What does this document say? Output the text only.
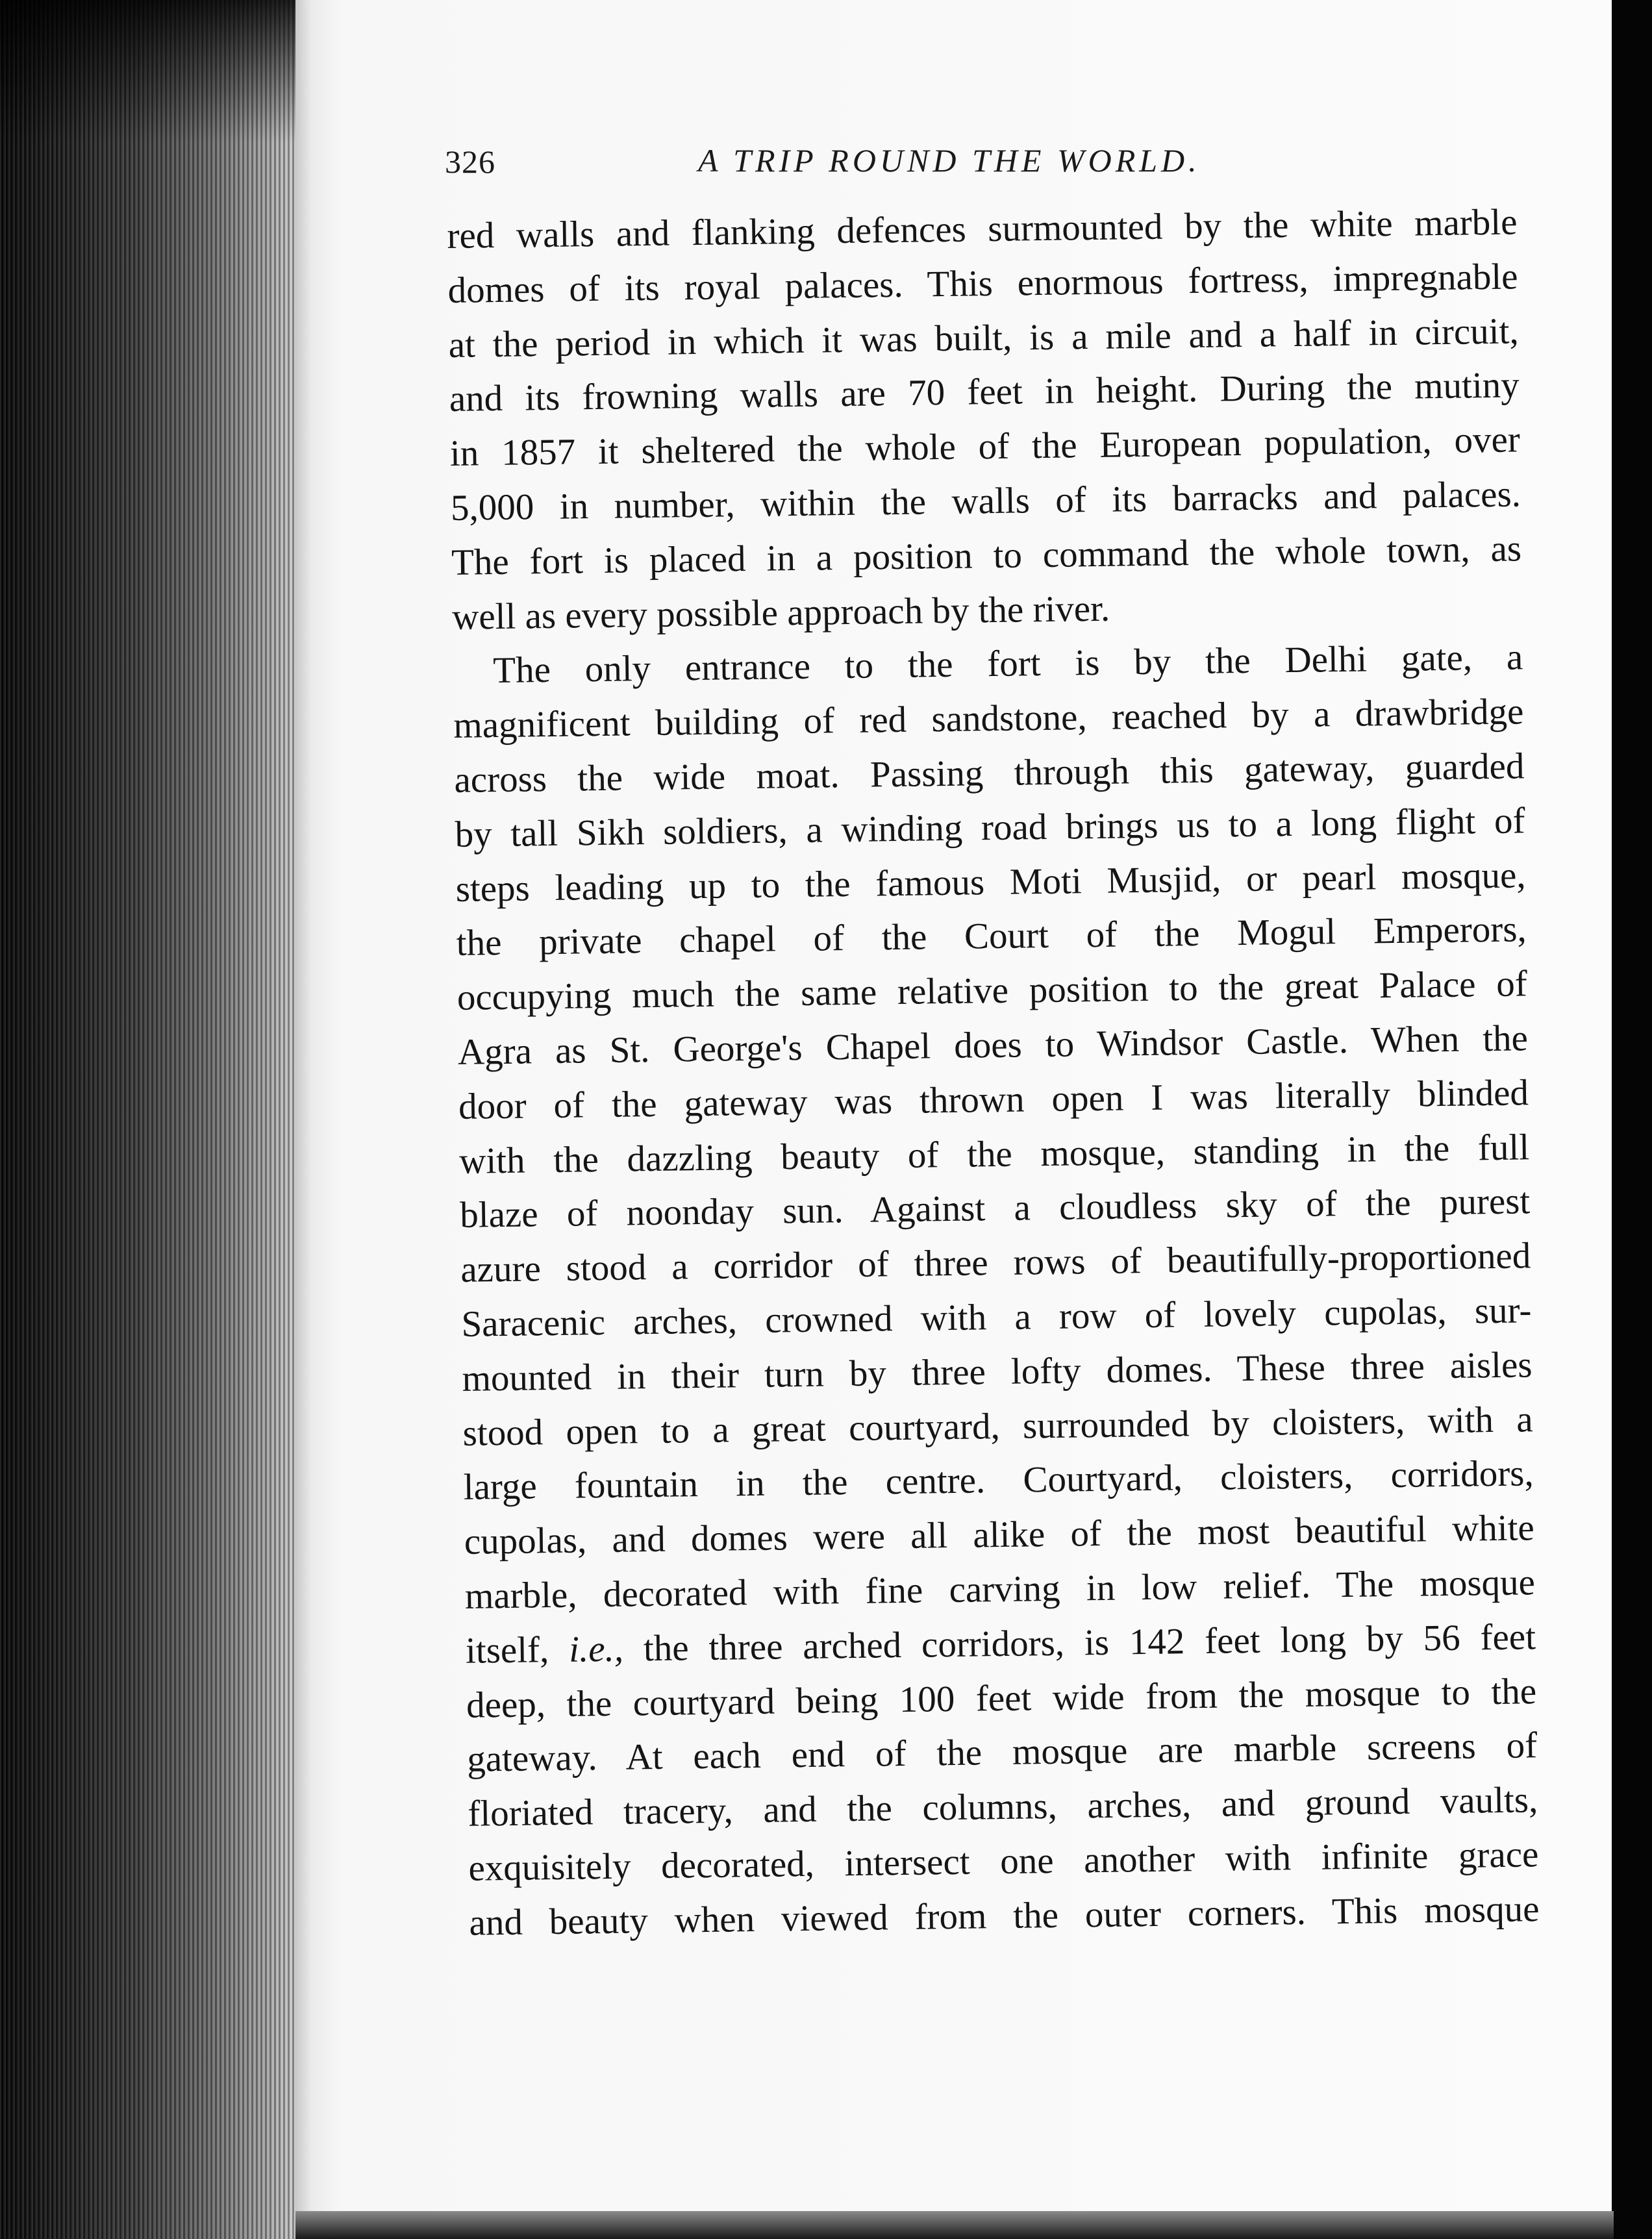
326	A TRIP ROUND THE WORLD.
red walls and flanking defences surmounted by the white marble
domes of its royal palaces. This enormous fortress, impregnable
at the period in which it was built, is a mile and a half in circuit,
and its frowning walls are 70 feet in height. During the mutiny
in 1857 it sheltered the whole of the European population, over
5,000 in number, within the walls of its barracks and palaces.
The fort is placed in a position to command the whole town, as
well as every possible approach by the river.
The only entrance to the fort is by the Delhi gate, a
magnificent building of red sandstone, reached by a drawbridge
across the wide moat. Passing through this gateway, guarded
by tall Sikh soldiers, a winding road brings us to a long flight of
steps leading up to the famous Moti Musjid, or pearl mosque,
the private chapel of the Court of the Mogul Emperors,
occupying much the same relative position to the great Palace of
Agra as St. George's Chapel does to Windsor Castle. When the
door of the gateway was thrown open I was literally blinded
with the dazzling beauty of the mosque, standing in the full
blaze of noonday sun. Against a cloudless sky of the purest
azure stood a corridor of three rows of beautifully-proportioned
Saracenic arches, crowned with a row of lovely cupolas, sur-
mounted in their turn by three lofty domes. These three aisles
stood open to a great courtyard, surrounded by cloisters, with a
large fountain in the centre. Courtyard, cloisters, corridors,
cupolas, and domes were all alike of the most beautiful white
marble, decorated with fine carving in low relief. The mosque
itself, i.e., the three arched corridors, is 142 feet long by 56 feet
deep, the courtyard being 100 feet wide from the mosque to the
gateway. At each end of the mosque are marble screens of
floriated tracery, and the columns, arches, and ground vaults,
exquisitely decorated, intersect one another with infinite grace
and beauty when viewed from the outer corners. This mosque
